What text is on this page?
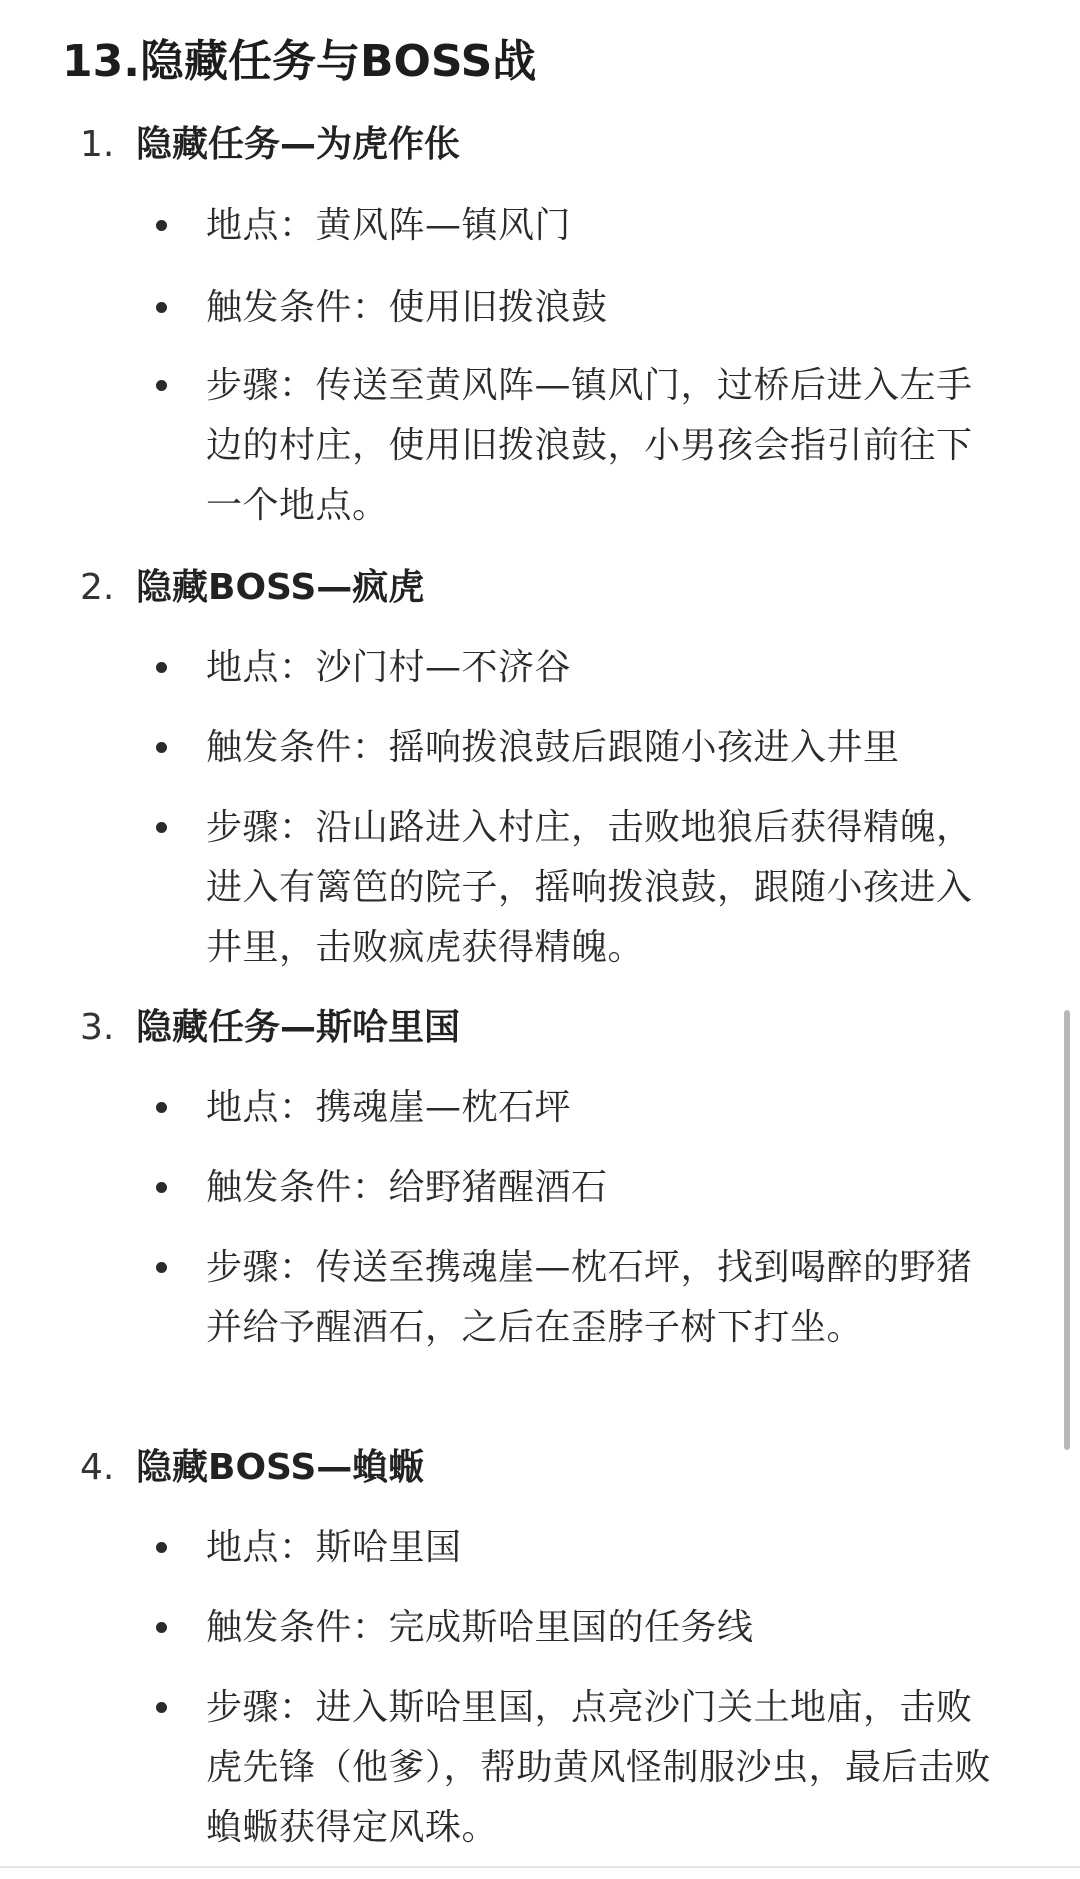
13.隐藏任务与BOSS战
1. 隐藏任务—为虎作伥
地点：黄风阵—镇风门
触发条件：使用旧拨浪鼓
步骤：传送至黄风阵—镇风门，过桥后进入左手边的村庄，使用旧拨浪鼓，小男孩会指引前往下一个地点。
2. 隐藏BOSS—疯虎
地点：沙门村—不济谷
触发条件：摇响拨浪鼓后跟随小孩进入井里
步骤：沿山路进入村庄，击败地狼后获得精魄，进入有篱笆的院子，摇响拨浪鼓，跟随小孩进入井里，击败疯虎获得精魄。
3. 隐藏任务—斯哈里国
地点：携魂崖—枕石坪
触发条件：给野猪醒酒石
步骤：传送至携魂崖—枕石坪，找到喝醉的野猪并给予醒酒石，之后在歪脖子树下打坐。
4. 隐藏BOSS—蝜蝂
地点：斯哈里国
触发条件：完成斯哈里国的任务线
步骤：进入斯哈里国，点亮沙门关土地庙，击败虎先锋（他爹），帮助黄风怪制服沙虫，最后击败蝜蝂获得定风珠。
